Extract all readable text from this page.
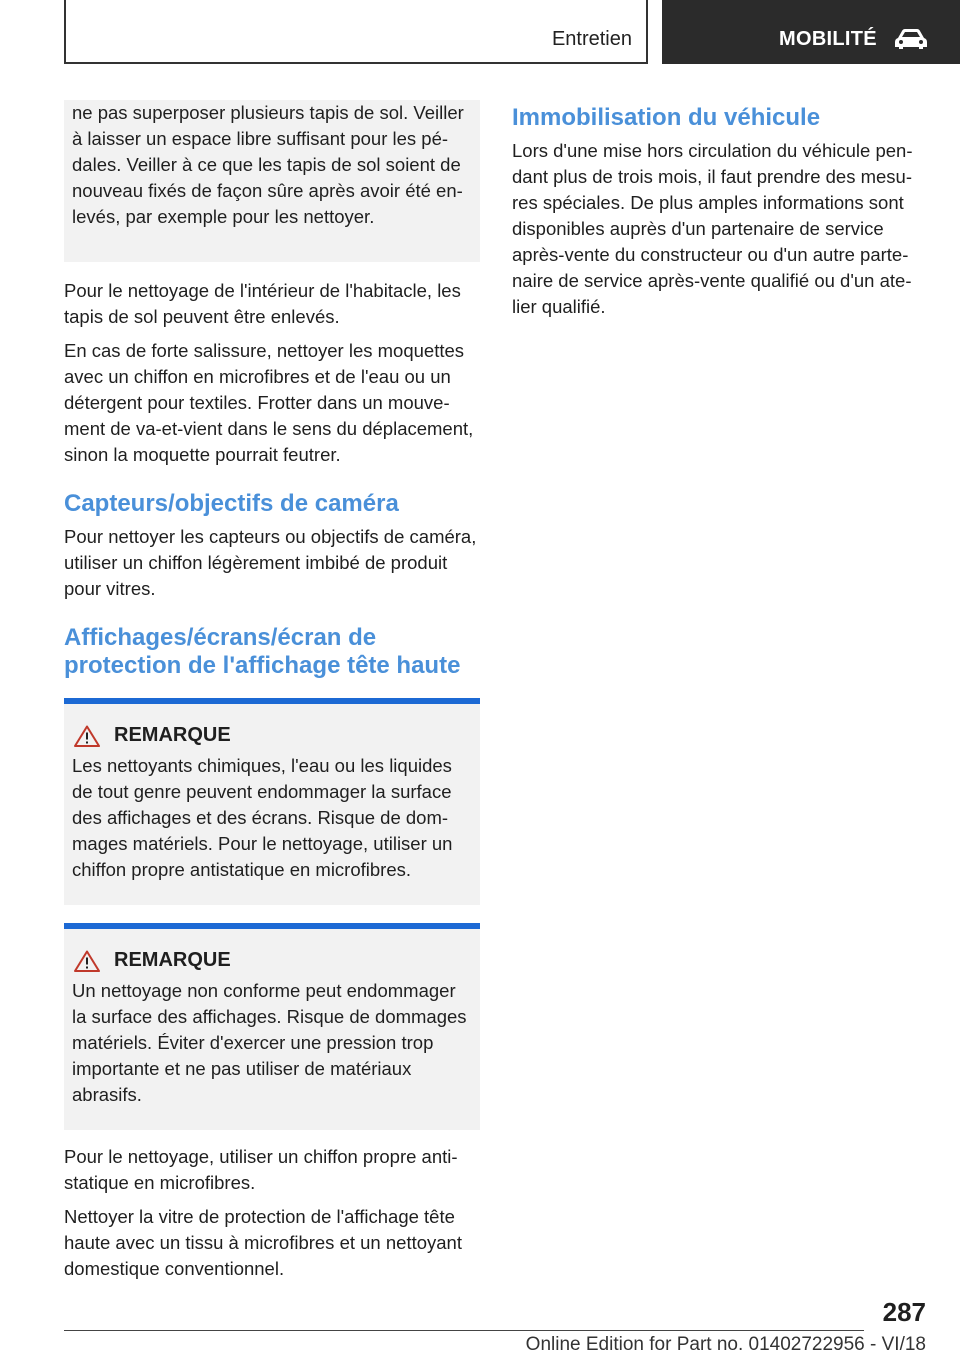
Entretien	MOBILITÉ

ne pas superposer plusieurs tapis de sol. Veiller à laisser un espace libre suffisant pour les pédales. Veiller à ce que les tapis de sol soient de nouveau fixés de façon sûre après avoir été enlevés, par exemple pour les nettoyer.

Pour le nettoyage de l'intérieur de l'habitacle, les tapis de sol peuvent être enlevés.

En cas de forte salissure, nettoyer les moquettes avec un chiffon en microfibres et de l'eau ou un détergent pour textiles. Frotter dans un mouvement de va-et-vient dans le sens du déplacement, sinon la moquette pourrait feutrer.

Capteurs/objectifs de caméra

Pour nettoyer les capteurs ou objectifs de caméra, utiliser un chiffon légèrement imbibé de produit pour vitres.

Affichages/écrans/écran de protection de l'affichage tête haute
REMARQUE

Les nettoyants chimiques, l'eau ou les liquides de tout genre peuvent endommager la surface des affichages et des écrans. Risque de dommages matériels. Pour le nettoyage, utiliser un chiffon propre antistatique en microfibres.

REMARQUE

Un nettoyage non conforme peut endommager la surface des affichages. Risque de dommages matériels. Éviter d'exercer une pression trop importante et ne pas utiliser de matériaux abrasifs.

Pour le nettoyage, utiliser un chiffon propre antistatique en microfibres.

Nettoyer la vitre de protection de l'affichage tête haute avec un tissu à microfibres et un nettoyant domestique conventionnel.

Immobilisation du véhicule

Lors d'une mise hors circulation du véhicule pendant plus de trois mois, il faut prendre des mesures spéciales. De plus amples informations sont disponibles auprès d'un partenaire de service après-vente du constructeur ou d'un autre partenaire de service après-vente qualifié ou d'un atelier qualifié.

287
Online Edition for Part no. 01402722956 - VI/18
